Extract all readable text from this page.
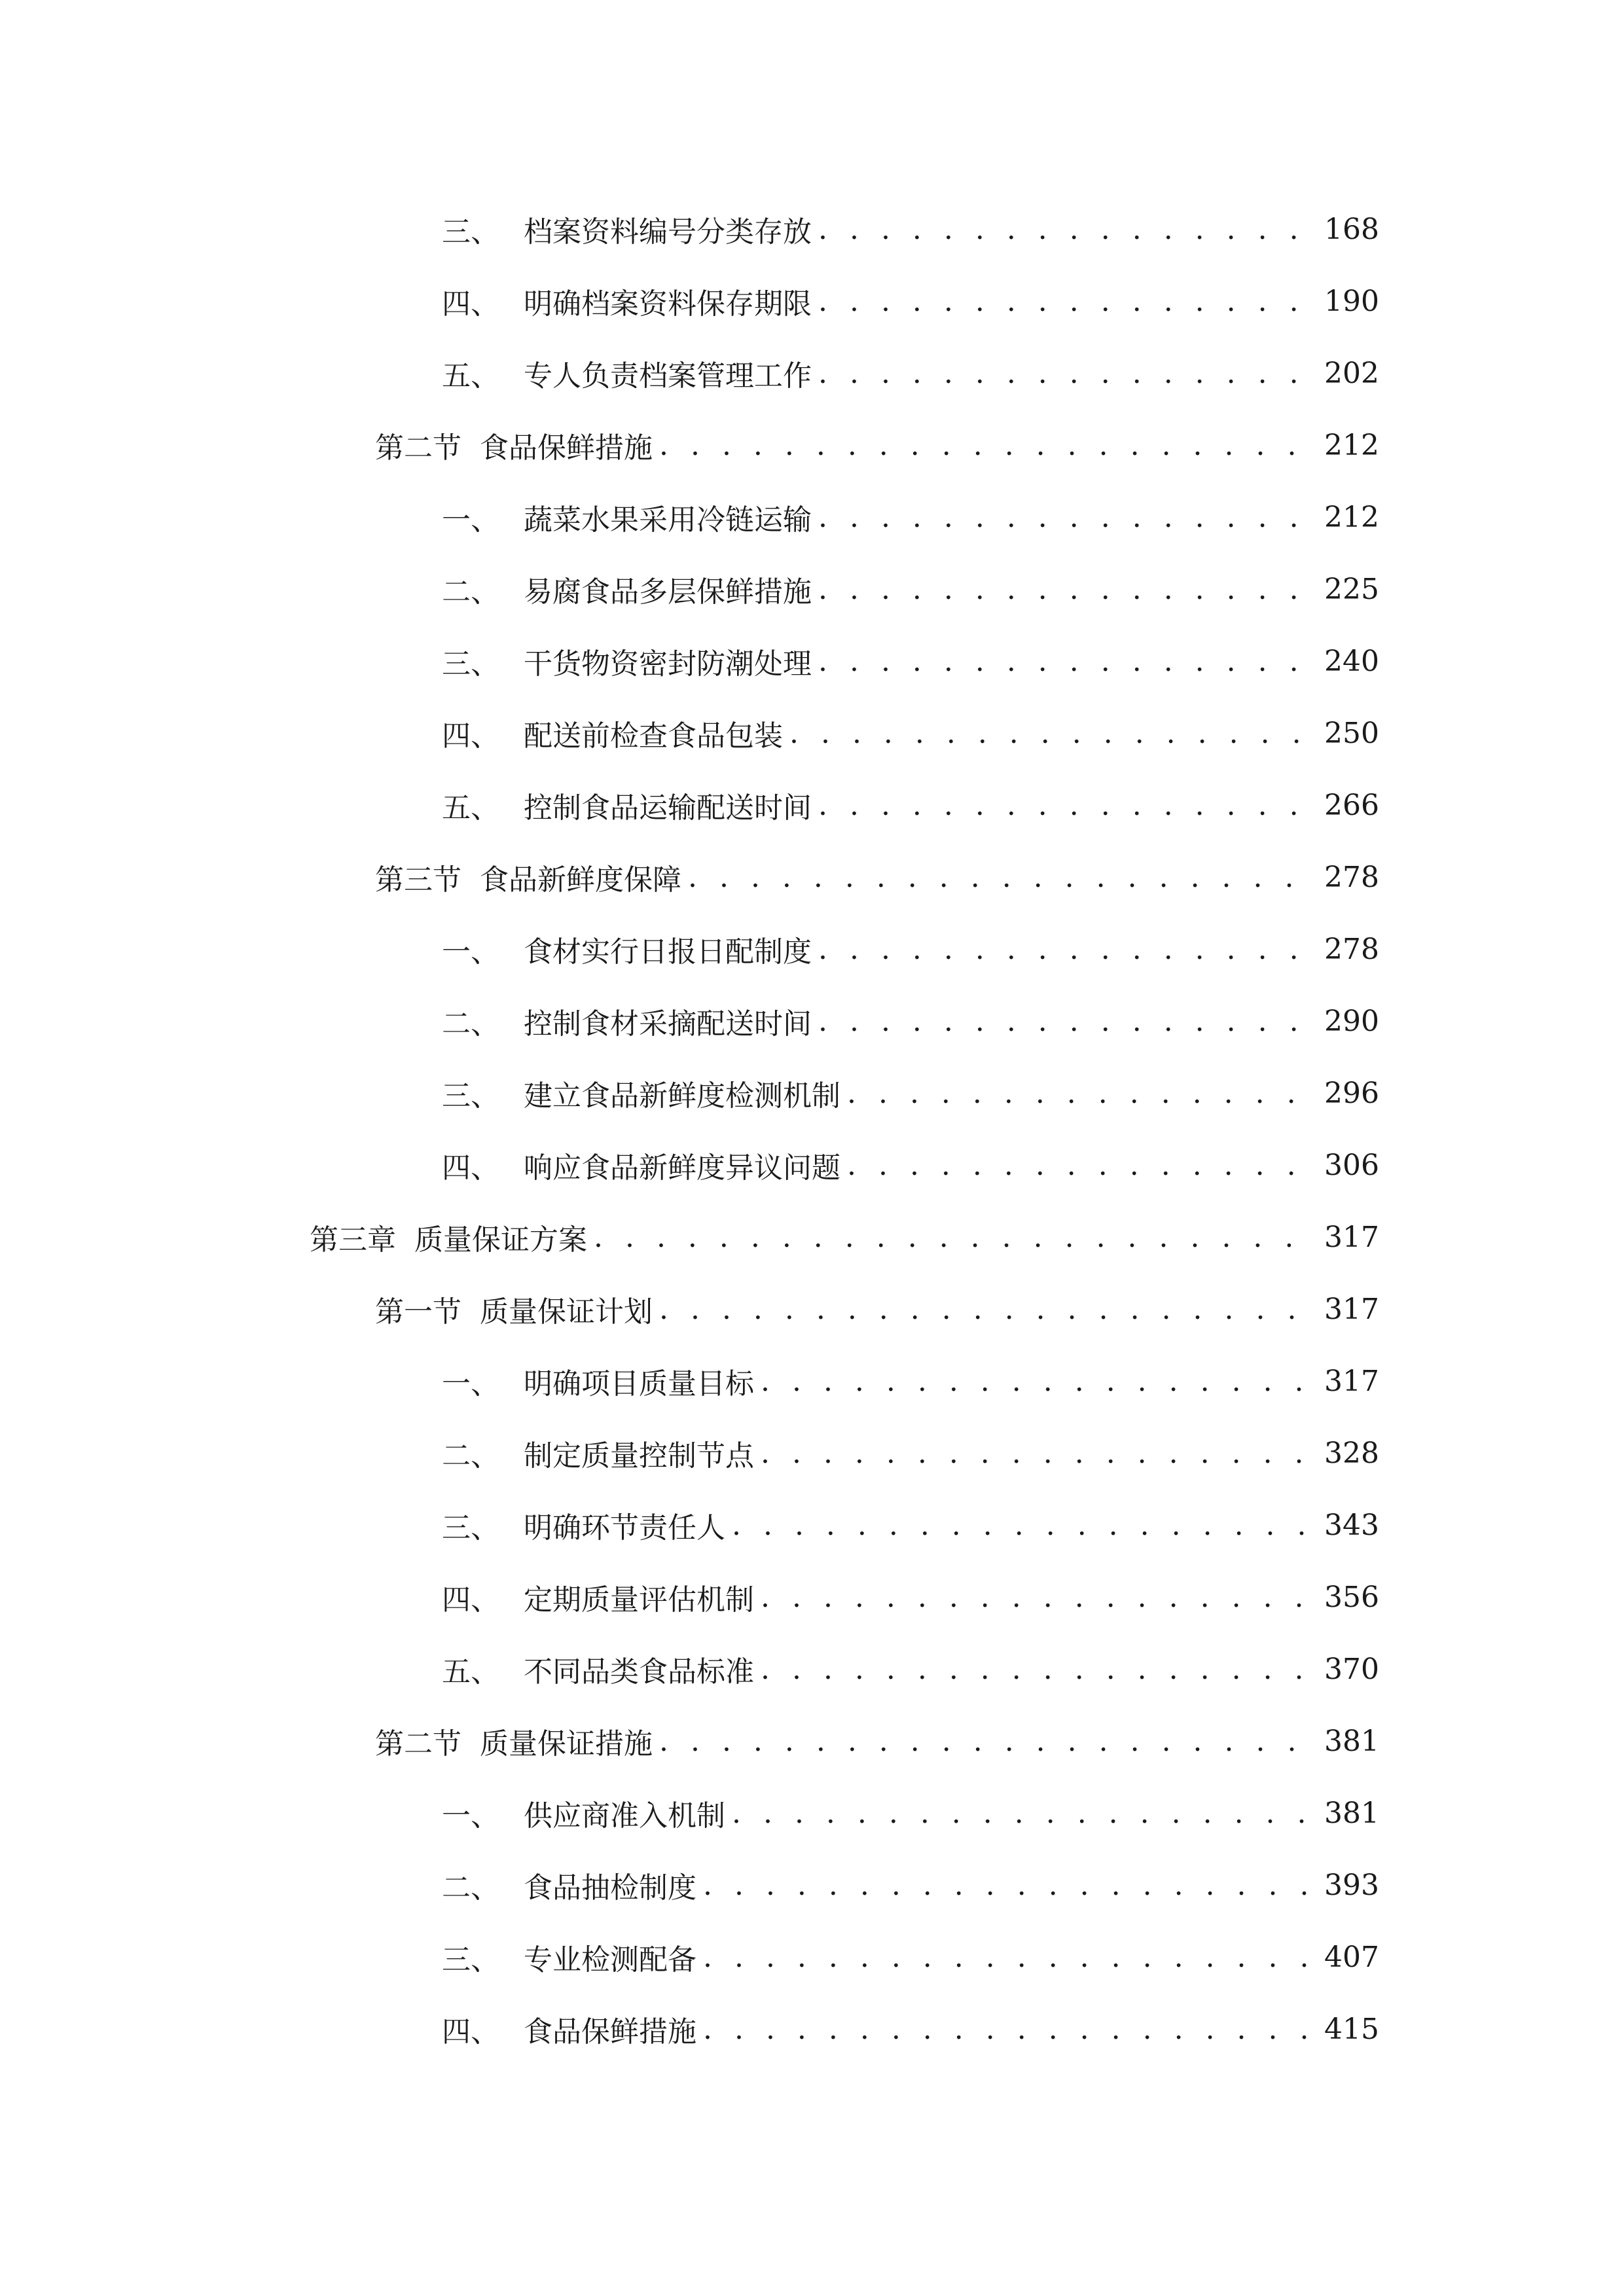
三、 档案资料编号分类存放 . . .	168
四、 明确档案资料保存期限 . . .	190
五、 专人负责档案管理工作 . . .	202
第二节 食品保鲜措施 . . .	212
一、 蔬菜水果采用冷链运输 . . .	212
二、 易腐食品多层保鲜措施 . . .	225
三、 干货物资密封防潮处理 . . .	240
四、 配送前检查食品包装 . . .	250
五、 控制食品运输配送时间 . . .	266
第三节 食品新鲜度保障 . . .	278
一、 食材实行日报日配制度 . . .	278
二、 控制食材采摘配送时间 . . .	290
三、 建立食品新鲜度检测机制 . . .	296
四、 响应食品新鲜度异议问题 . . .	306
第三章 质量保证方案 . . .	317
第一节 质量保证计划 . . .	317
一、 明确项目质量目标 . . .	317
二、 制定质量控制节点 . . .	328
三、 明确环节责任人 . . .	343
四、 定期质量评估机制 . . .	356
五、 不同品类食品标准 . . .	370
第二节 质量保证措施 . . .	381
一、 供应商准入机制 . . .	381
二、 食品抽检制度 . . .	393
三、 专业检测配备 . . .	407
四、 食品保鲜措施 . . .	415
